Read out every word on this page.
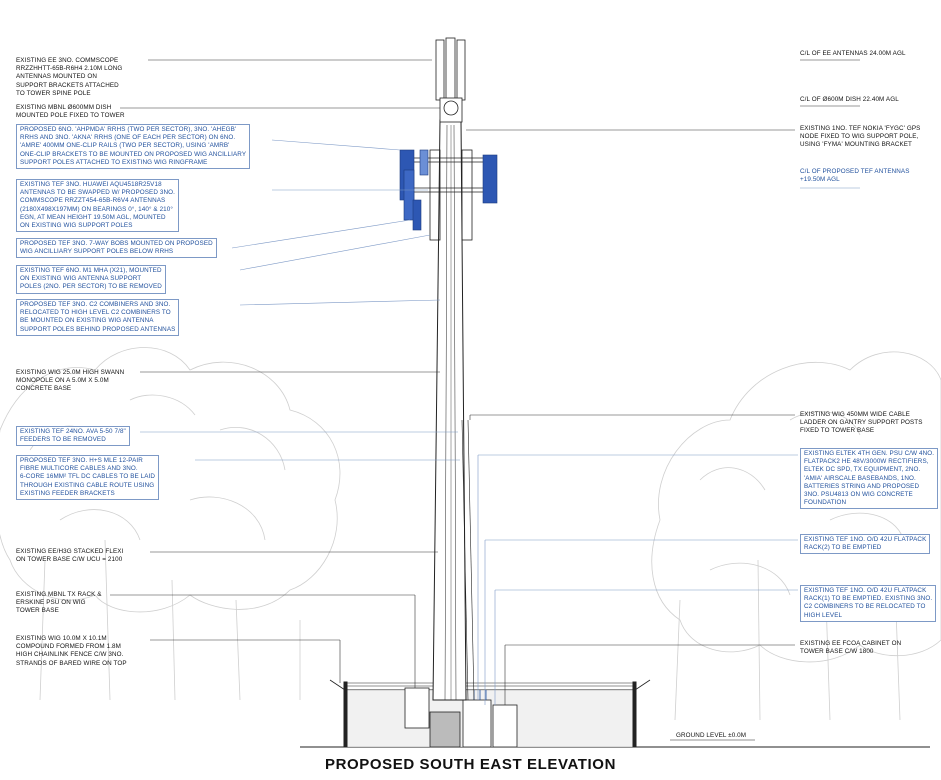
EXISTING EE 3NO. COMMSCOPE
RRZZHHTT-65B-R6H4 2.10M LONG
ANTENNAS MOUNTED ON
SUPPORT BRACKETS ATTACHED
TO TOWER SPINE POLE
EXISTING MBNL Ø600MM DISH
MOUNTED POLE FIXED TO TOWER
PROPOSED 6NO. 'AHPMDA' RRHS (TWO PER SECTOR), 3NO. 'AHEGB'
RRHS AND 3NO. 'AKNA' RRHS (ONE OF EACH PER SECTOR) ON 6NO.
'AMRE' 400MM ONE-CLIP RAILS (TWO PER SECTOR), USING 'AMRB'
ONE-CLIP BRACKETS TO BE MOUNTED ON PROPOSED WIG ANCILLIARY
SUPPORT POLES ATTACHED TO EXISTING WIG RINGFRAME
EXISTING TEF 3NO. HUAWEI AQU4518R25V18
ANTENNAS TO BE SWAPPED W/ PROPOSED 3NO.
COMMSCOPE RRZZT454-65B-R6V4 ANTENNAS
(2180X498X197MM) ON BEARINGS 0°, 140° & 210°
EGN, AT MEAN HEIGHT 19.50M AGL, MOUNTED
ON EXISTING WIG SUPPORT POLES
PROPOSED TEF 3NO. 7-WAY BOBS MOUNTED ON PROPOSED
WIG ANCILLIARY SUPPORT POLES BELOW RRHS
EXISTING TEF 6NO. M1 MHA (X21), MOUNTED
ON EXISTING WIG ANTENNA SUPPORT
POLES (2NO. PER SECTOR) TO BE REMOVED
PROPOSED TEF 3NO. C2 COMBINERS AND 3NO.
RELOCATED TO HIGH LEVEL C2 COMBINERS TO
BE MOUNTED ON EXISTING WIG ANTENNA
SUPPORT POLES BEHIND PROPOSED ANTENNAS
EXISTING WIG 25.0M HIGH SWANN
MONOPOLE ON A 5.0M X 5.0M
CONCRETE BASE
EXISTING TEF 24NO. AVA 5-50 7/8"
FEEDERS TO BE REMOVED
PROPOSED TEF 3NO. H+S MLE 12-PAIR
FIBRE MULTICORE CABLES AND 3NO.
6-CORE 16MM² TFL DC CABLES TO BE LAID
THROUGH EXISTING CABLE ROUTE USING
EXISTING FEEDER BRACKETS
EXISTING EE/H3G STACKED FLEXI
ON TOWER BASE C/W UCU = 2100
EXISTING MBNL TX RACK &
ERSKINE PSU ON WIG
TOWER BASE
EXISTING WIG 10.0M X 10.1M
COMPOUND FORMED FROM 1.8M
HIGH CHAINLINK FENCE C/W 3NO.
STRANDS OF BARED WIRE ON TOP
C/L OF EE ANTENNAS 24.00M AGL
C/L OF Ø600M DISH 22.40M AGL
EXISTING 1NO. TEF NOKIA 'FYGC' GPS
NODE FIXED TO WIG SUPPORT POLE,
USING 'FYMA' MOUNTING BRACKET
C/L OF PROPOSED TEF ANTENNAS
+19.50M AGL
EXISTING WIG 450MM WIDE CABLE
LADDER ON GANTRY SUPPORT POSTS
FIXED TO TOWER BASE
EXISTING ELTEK 4TH GEN. PSU C/W 4NO.
FLATPACK2 HE 48V/3000W RECTIFIERS,
ELTEK DC SPD, TX EQUIPMENT, 2NO.
'AMIA' AIRSCALE BASEBANDS, 1NO.
BATTERIES STRING AND PROPOSED
3NO. PSU4813 ON WIG CONCRETE
FOUNDATION
EXISTING TEF 1NO. O/D 42U FLATPACK
RACK(2) TO BE EMPTIED
EXISTING TEF 1NO. O/D 42U FLATPACK
RACK(1) TO BE EMPTIED. EXISTING 3NO.
C2 COMBINERS TO BE RELOCATED TO
HIGH LEVEL
EXISTING EE FCOA CABINET ON
TOWER BASE C/W 1800
GROUND LEVEL ±0.0M
PROPOSED SOUTH EAST ELEVATION
